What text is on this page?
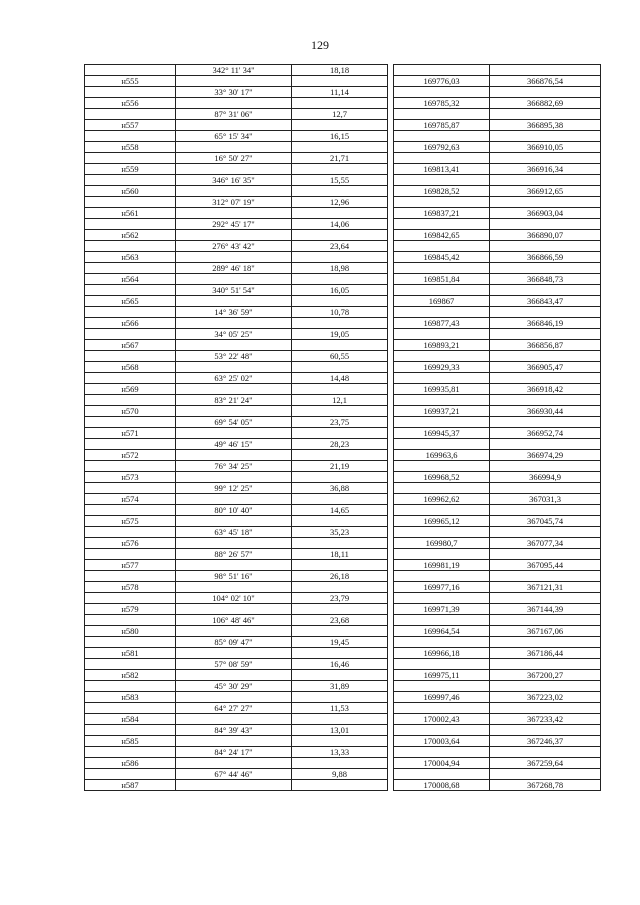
129
	342° 11' 34"	18,18			
н555				169776,03	366876,54
	33° 30' 17"	11,14			
н556				169785,32	366882,69
	87° 31' 06"	12,7			
н557				169785,87	366895,38
	65° 15' 34"	16,15			
н558				169792,63	366910,05
	16° 50' 27"	21,71			
н559				169813,41	366916,34
	346° 16' 35"	15,55			
н560				169828,52	366912,65
	312° 07' 19"	12,96			
н561				169837,21	366903,04
	292° 45' 17"	14,06			
н562				169842,65	366890,07
	276° 43' 42"	23,64			
н563				169845,42	366866,59
	289° 46' 18"	18,98			
н564				169851,84	366848,73
	340° 51' 54"	16,05			
н565				169867	366843,47
	14° 36' 59"	10,78			
н566				169877,43	366846,19
	34° 05' 25"	19,05			
н567				169893,21	366856,87
	53° 22' 48"	60,55			
н568				169929,33	366905,47
	63° 25' 02"	14,48			
н569				169935,81	366918,42
	83° 21' 24"	12,1			
н570				169937,21	366930,44
	69° 54' 05"	23,75			
н571				169945,37	366952,74
	49° 46' 15"	28,23			
н572				169963,6	366974,29
	76° 34' 25"	21,19			
н573				169968,52	366994,9
	99° 12' 25"	36,88			
н574				169962,62	367031,3
	80° 10' 40"	14,65			
н575				169965,12	367045,74
	63° 45' 18"	35,23			
н576				169980,7	367077,34
	88° 26' 57"	18,11			
н577				169981,19	367095,44
	98° 51' 16"	26,18			
н578				169977,16	367121,31
	104° 02' 10"	23,79			
н579				169971,39	367144,39
	106° 48' 46"	23,68			
н580				169964,54	367167,06
	85° 09' 47"	19,45			
н581				169966,18	367186,44
	57° 08' 59"	16,46			
н582				169975,11	367200,27
	45° 30' 29"	31,89			
н583				169997,46	367223,02
	64° 27' 27"	11,53			
н584				170002,43	367233,42
	84° 39' 43"	13,01			
н585				170003,64	367246,37
	84° 24' 17"	13,33			
н586				170004,94	367259,64
	67° 44' 46"	9,88			
н587				170008,68	367268,78
